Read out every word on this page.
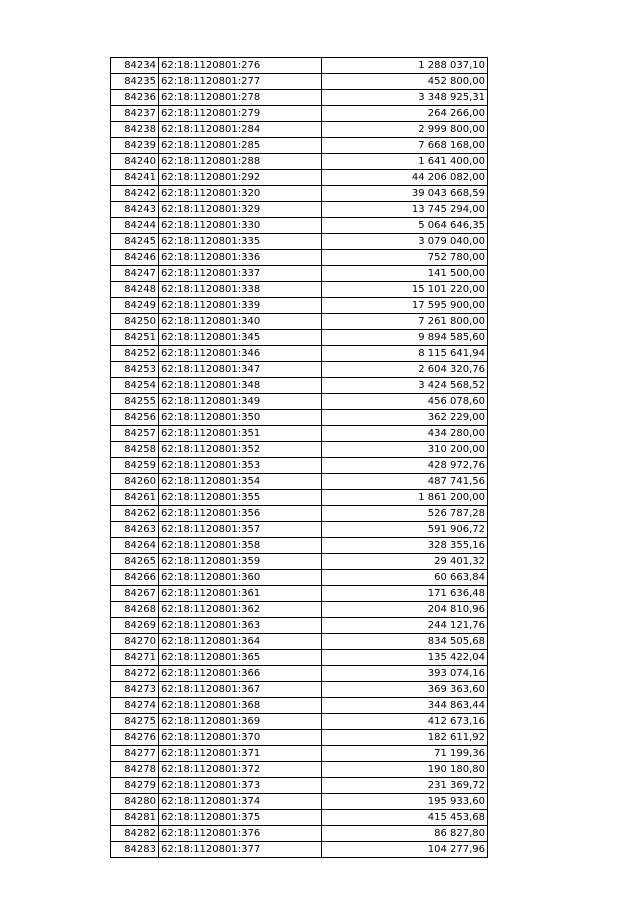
84234	62:18:1120801:276	1 288 037,10
84235	62:18:1120801:277	452 800,00
84236	62:18:1120801:278	3 348 925,31
84237	62:18:1120801:279	264 266,00
84238	62:18:1120801:284	2 999 800,00
84239	62:18:1120801:285	7 668 168,00
84240	62:18:1120801:288	1 641 400,00
84241	62:18:1120801:292	44 206 082,00
84242	62:18:1120801:320	39 043 668,59
84243	62:18:1120801:329	13 745 294,00
84244	62:18:1120801:330	5 064 646,35
84245	62:18:1120801:335	3 079 040,00
84246	62:18:1120801:336	752 780,00
84247	62:18:1120801:337	141 500,00
84248	62:18:1120801:338	15 101 220,00
84249	62:18:1120801:339	17 595 900,00
84250	62:18:1120801:340	7 261 800,00
84251	62:18:1120801:345	9 894 585,60
84252	62:18:1120801:346	8 115 641,94
84253	62:18:1120801:347	2 604 320,76
84254	62:18:1120801:348	3 424 568,52
84255	62:18:1120801:349	456 078,60
84256	62:18:1120801:350	362 229,00
84257	62:18:1120801:351	434 280,00
84258	62:18:1120801:352	310 200,00
84259	62:18:1120801:353	428 972,76
84260	62:18:1120801:354	487 741,56
84261	62:18:1120801:355	1 861 200,00
84262	62:18:1120801:356	526 787,28
84263	62:18:1120801:357	591 906,72
84264	62:18:1120801:358	328 355,16
84265	62:18:1120801:359	29 401,32
84266	62:18:1120801:360	60 663,84
84267	62:18:1120801:361	171 636,48
84268	62:18:1120801:362	204 810,96
84269	62:18:1120801:363	244 121,76
84270	62:18:1120801:364	834 505,68
84271	62:18:1120801:365	135 422,04
84272	62:18:1120801:366	393 074,16
84273	62:18:1120801:367	369 363,60
84274	62:18:1120801:368	344 863,44
84275	62:18:1120801:369	412 673,16
84276	62:18:1120801:370	182 611,92
84277	62:18:1120801:371	71 199,36
84278	62:18:1120801:372	190 180,80
84279	62:18:1120801:373	231 369,72
84280	62:18:1120801:374	195 933,60
84281	62:18:1120801:375	415 453,68
84282	62:18:1120801:376	86 827,80
84283	62:18:1120801:377	104 277,96
